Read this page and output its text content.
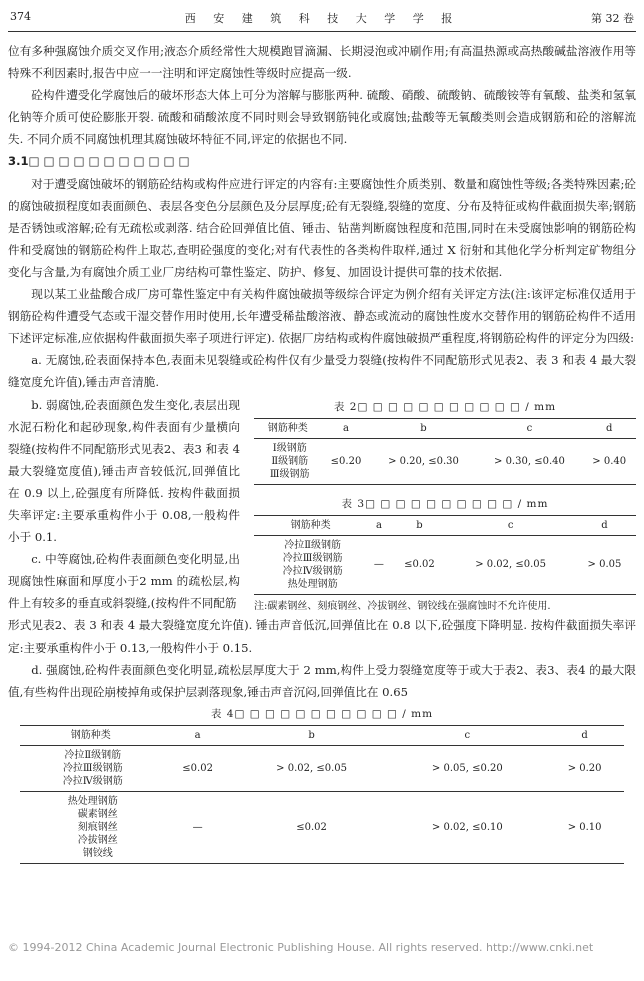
374	西 安 建 筑 科 技 大 学 学 报	第 32 卷

位有多种强腐蚀介质交叉作用;液态介质经常性大规模跑冒滴漏、长期浸泡或冲刷作用;有高温热源或高热酸碱盐溶液作用等特殊不利因素时,报告中应一一注明和评定腐蚀性等级时应提高一级.

砼构件遭受化学腐蚀后的破坏形态大体上可分为溶解与膨胀两种. 硫酸、硝酸、硫酸钠、硫酸铵等有氧酸、盐类和氢氧化钠等介质可使砼膨胀开裂. 硫酸和硝酸浓度不同时则会导致钢筋钝化或腐蚀;盐酸等无氧酸类则会造成钢筋和砼的溶解流失. 不同介质不同腐蚀机理其腐蚀破坏特征不同,评定的依据也不同.

3.1□ □ □ □ □ □ □ □ □ □ □

对于遭受腐蚀破坏的钢筋砼结构或构件应进行评定的内容有:主要腐蚀性介质类别、数量和腐蚀性等级;各类特殊因素;砼的腐蚀破损程度如表面颜色、表层各变色分层颜色及分层厚度;砼有无裂缝,裂缝的宽度、分布及特征或构件截面损失率;钢筋是否锈蚀或溶解;砼有无疏松或剥落. 结合砼回弹值比值、锤击、钻凿判断腐蚀程度和范围,同时在未受腐蚀影响的钢筋砼构件和受腐蚀的钢筋砼构件上取芯,查明砼强度的变化;对有代表性的各类构件取样,通过 X 衍射和其他化学分析判定矿物组分变化与含量,为有腐蚀介质工业厂房结构可靠性鉴定、防护、修复、加固设计提供可靠的技术依据.

现以某工业盐酸合成厂房可靠性鉴定中有关构件腐蚀破损等级综合评定为例介绍有关评定方法(注:该评定标准仅适用于钢筋砼构件遭受气态或干湿交替作用时使用,长年遭受稀盐酸溶液、静态或流动的腐蚀性废水交替作用的钢筋砼构件不适用下述评定标准,应依据构件截面损失率子项进行评定). 依据厂房结构或构件腐蚀破损严重程度,将钢筋砼构件的评定分为四级:

a. 无腐蚀,砼表面保持本色,表面未见裂缝或砼构件仅有少量受力裂缝(按构件不同配筋形式见表2、表 3 和表 4 最大裂缝宽度允许值),锤击声音清脆.

表 2□ □ □ □ □ □ □ □ □ □ □ / mm
钢筋种类	a	b	c	d

Ⅰ级钢筋
Ⅱ级钢筋
Ⅲ级钢筋	≤0.20	> 0.20, ≤0.30	> 0.30, ≤0.40	> 0.40
表 3□ □ □ □ □ □ □ □ □ □ / mm
钢筋种类	a	b	c	d

冷拉Ⅱ级钢筋
冷拉Ⅲ级钢筋
冷拉Ⅳ级钢筋
热处理钢筋	—	≤0.02	> 0.02, ≤0.05	> 0.05
注:碳素钢丝、刻痕钢丝、冷拔钢丝、钢铰线在强腐蚀时不允许使用.

b. 弱腐蚀,砼表面颜色发生变化,表层出现水泥石粉化和起砂现象,构件表面有少量横向裂缝(按构件不同配筋形式见表2、表3 和表 4 最大裂缝宽度值),锤击声音较低沉,回弹值比在 0.9 以上,砼强度有所降低. 按构件截面损失率评定:主要承重构件小于 0.08,一般构件小于 0.1.

c. 中等腐蚀,砼构件表面颜色变化明显,出现腐蚀性麻面和厚度小于2 mm 的疏松层,构件上有较多的垂直或斜裂缝,(按构件不同配筋

形式见表2、表 3 和表 4 最大裂缝宽度允许值). 锤击声音低沉,回弹值比在 0.8 以下,砼强度下降明显. 按构件截面损失率评定:主要承重构件小于 0.13,一般构件小于 0.15.

d. 强腐蚀,砼构件表面颜色变化明显,疏松层厚度大于 2 mm,构件上受力裂缝宽度等于或大于表2、表3、表4 的最大限值,有些构件出现砼崩棱掉角或保护层剥落现象,锤击声音沉闷,回弹值比在 0.65

表 4□ □ □ □ □ □ □ □ □ □ □ / mm
钢筋种类	a	b	c	d

冷拉Ⅱ级钢筋
冷拉Ⅲ级钢筋
冷拉Ⅳ级钢筋	≤0.02	> 0.02, ≤0.05	> 0.05, ≤0.20	> 0.20

热处理钢筋
碳素钢丝
刻痕钢丝
冷拔钢丝
钢铰线	—	≤0.02	> 0.02, ≤0.10	> 0.10
© 1994-2012 China Academic Journal Electronic Publishing House. All rights reserved. http://www.cnki.net
